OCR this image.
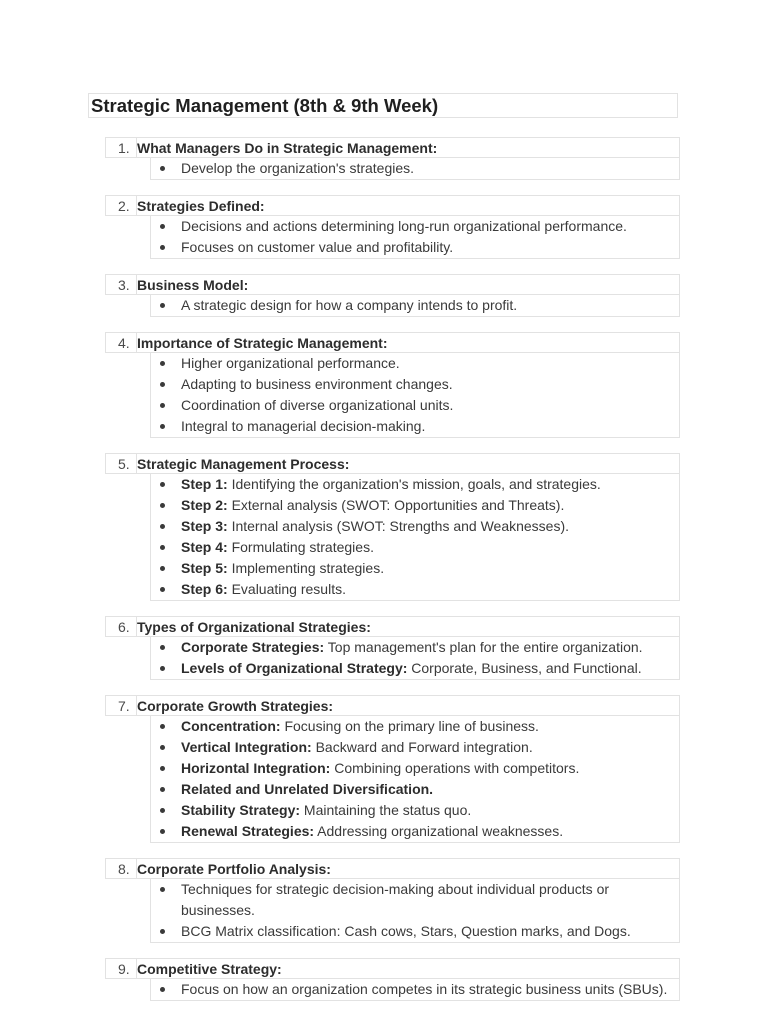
Strategic Management (8th & 9th Week)
1. What Managers Do in Strategic Management:
Develop the organization's strategies.
2. Strategies Defined:
Decisions and actions determining long-run organizational performance.
Focuses on customer value and profitability.
3. Business Model:
A strategic design for how a company intends to profit.
4. Importance of Strategic Management:
Higher organizational performance.
Adapting to business environment changes.
Coordination of diverse organizational units.
Integral to managerial decision-making.
5. Strategic Management Process:
Step 1: Identifying the organization's mission, goals, and strategies.
Step 2: External analysis (SWOT: Opportunities and Threats).
Step 3: Internal analysis (SWOT: Strengths and Weaknesses).
Step 4: Formulating strategies.
Step 5: Implementing strategies.
Step 6: Evaluating results.
6. Types of Organizational Strategies:
Corporate Strategies: Top management's plan for the entire organization.
Levels of Organizational Strategy: Corporate, Business, and Functional.
7. Corporate Growth Strategies:
Concentration: Focusing on the primary line of business.
Vertical Integration: Backward and Forward integration.
Horizontal Integration: Combining operations with competitors.
Related and Unrelated Diversification.
Stability Strategy: Maintaining the status quo.
Renewal Strategies: Addressing organizational weaknesses.
8. Corporate Portfolio Analysis:
Techniques for strategic decision-making about individual products or businesses.
BCG Matrix classification: Cash cows, Stars, Question marks, and Dogs.
9. Competitive Strategy:
Focus on how an organization competes in its strategic business units (SBUs).
